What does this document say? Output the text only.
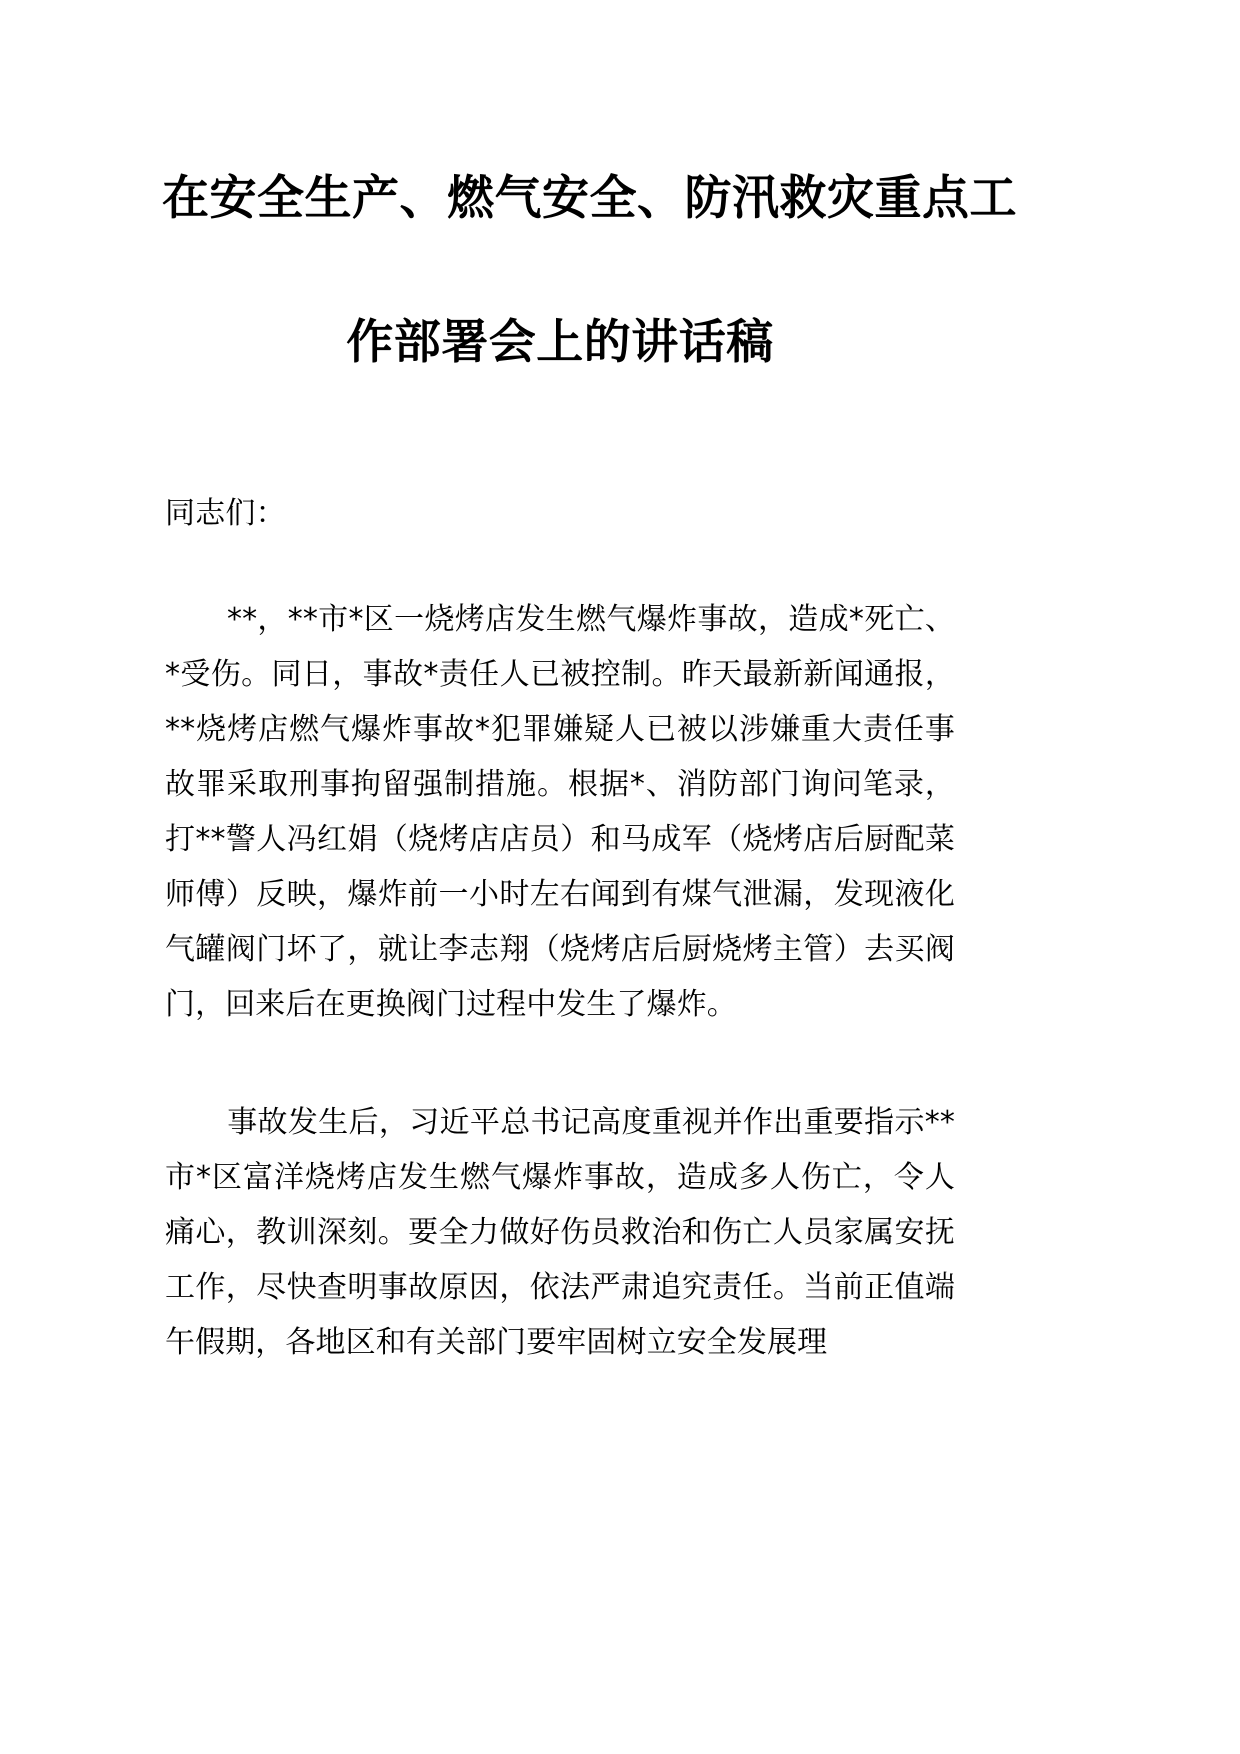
在安全生产、燃气安全、防汛救灾重点工
作部署会上的讲话稿

同志们：

**，**市*区一烧烤店发生燃气爆炸事故，造成*死亡、*受伤。同日，事故*责任人已被控制。昨天最新新闻通报，**烧烤店燃气爆炸事故*犯罪嫌疑人已被以涉嫌重大责任事故罪采取刑事拘留强制措施。根据*、消防部门询问笔录，打**警人冯红娟（烧烤店店员）和马成军（烧烤店后厨配菜师傅）反映，爆炸前一小时左右闻到有煤气泄漏，发现液化气罐阀门坏了，就让李志翔（烧烤店后厨烧烤主管）去买阀门，回来后在更换阀门过程中发生了爆炸。

事故发生后，习近平总书记高度重视并作出重要指示**市*区富洋烧烤店发生燃气爆炸事故，造成多人伤亡，令人痛心，教训深刻。要全力做好伤员救治和伤亡人员家属安抚工作，尽快查明事故原因，依法严肃追究责任。当前正值端午假期，各地区和有关部门要牢固树立安全发展理
